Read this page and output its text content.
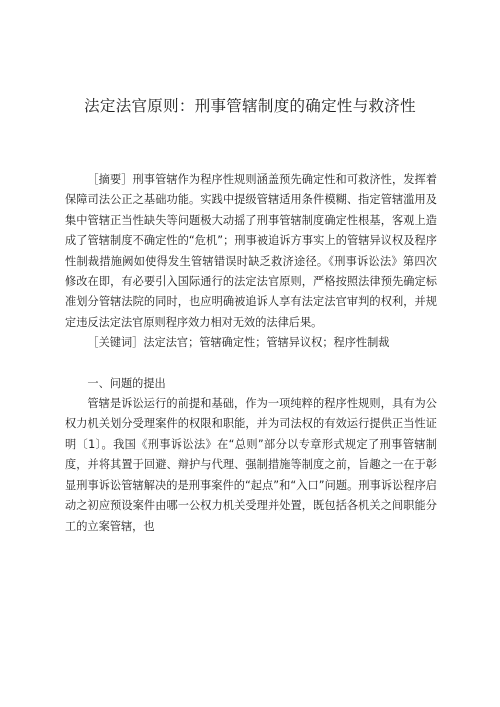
法定法官原则：刑事管辖制度的确定性与救济性

［摘要］刑事管辖作为程序性规则涵盖预先确定性和可救济性，发挥着保障司法公正之基础功能。实践中提级管辖适用条件模糊、指定管辖滥用及集中管辖正当性缺失等问题极大动摇了刑事管辖制度确定性根基，客观上造成了管辖制度不确定性的“危机”；刑事被追诉方事实上的管辖异议权及程序性制裁措施阙如使得发生管辖错误时缺乏救济途径。《刑事诉讼法》第四次修改在即，有必要引入国际通行的法定法官原则，严格按照法律预先确定标准划分管辖法院的同时，也应明确被追诉人享有法定法官审判的权利，并规定违反法定法官原则程序效力相对无效的法律后果。

［关键词］法定法官；管辖确定性；管辖异议权；程序性制裁

一、问题的提出

管辖是诉讼运行的前提和基础，作为一项纯粹的程序性规则，具有为公权力机关划分受理案件的权限和职能，并为司法权的有效运行提供正当性证明〔1〕。我国《刑事诉讼法》在“总则”部分以专章形式规定了刑事管辖制度，并将其置于回避、辩护与代理、强制措施等制度之前，旨趣之一在于彰显刑事诉讼管辖解决的是刑事案件的“起点”和“入口”问题。刑事诉讼程序启动之初应预设案件由哪一公权力机关受理并处置，既包括各机关之间职能分工的立案管辖，也
